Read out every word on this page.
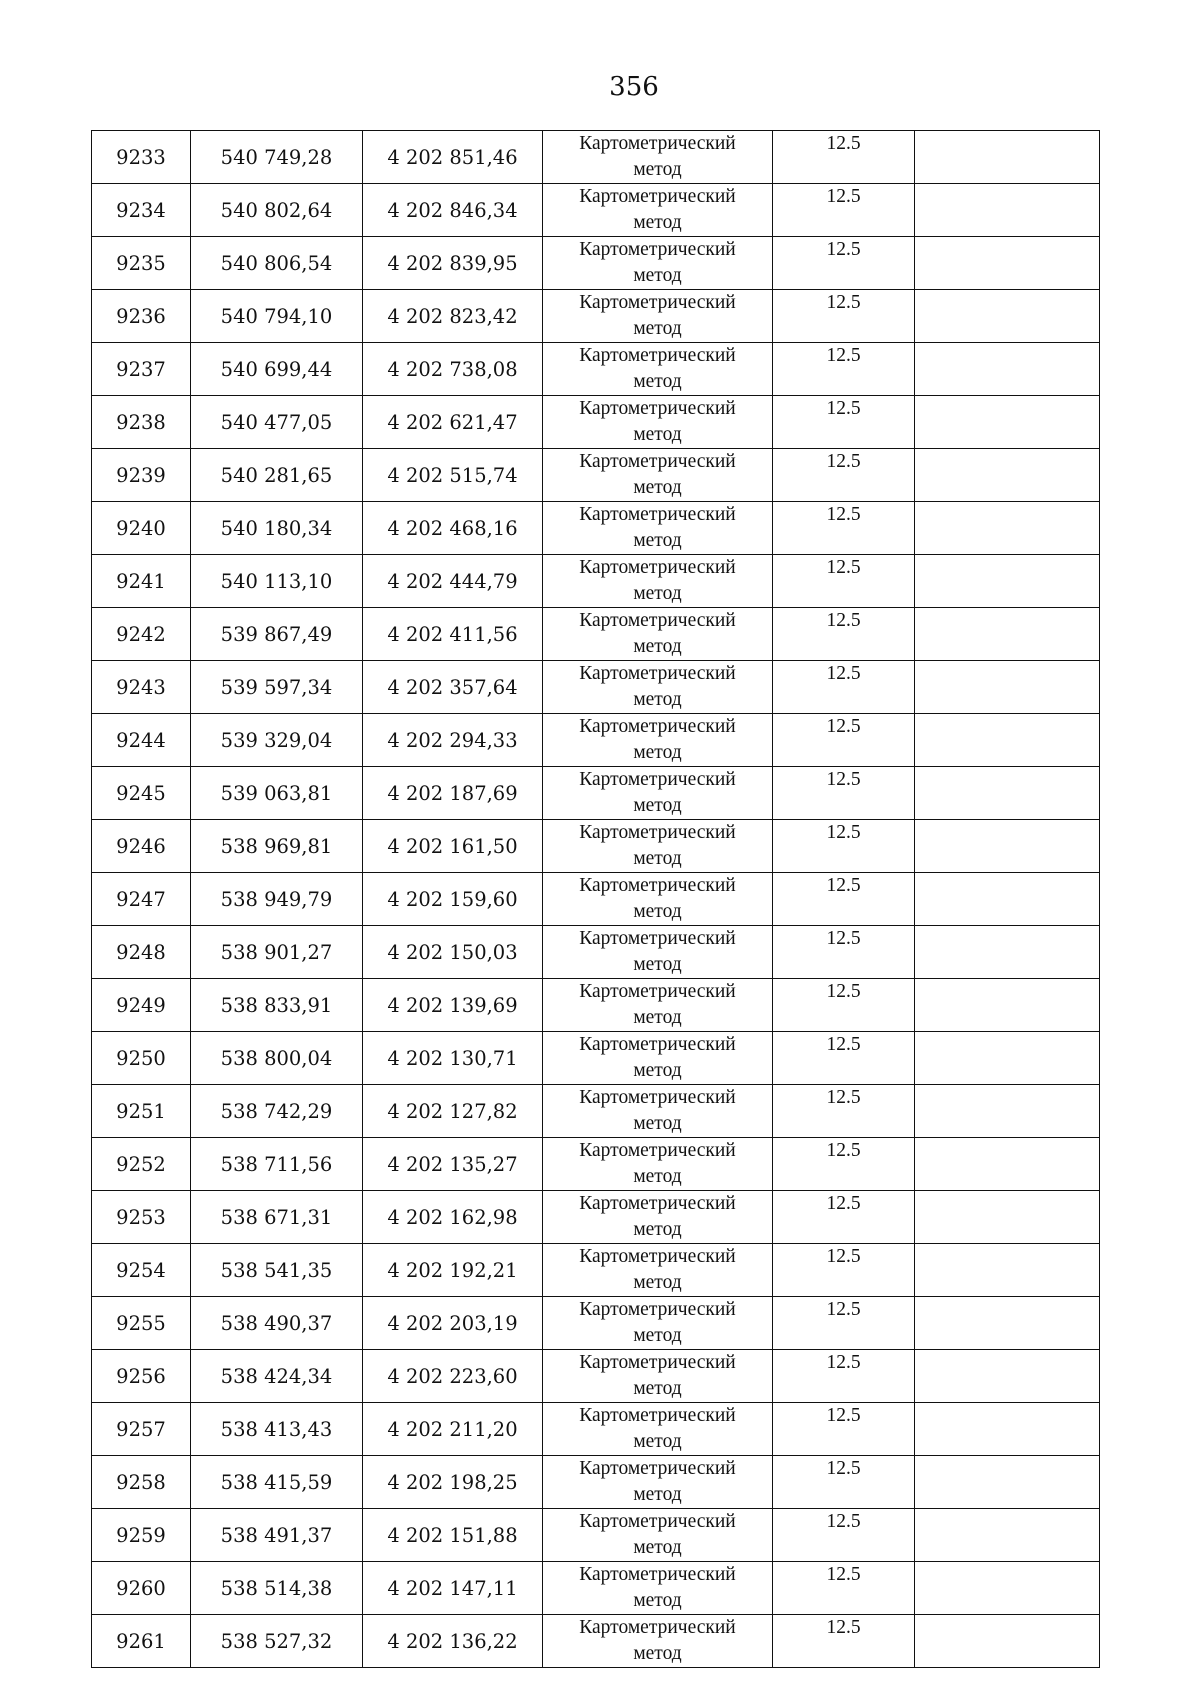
356
9233	540 749,28	4 202 851,46	Картометрический
метод	12.5	
9234	540 802,64	4 202 846,34	Картометрический
метод	12.5	
9235	540 806,54	4 202 839,95	Картометрический
метод	12.5	
9236	540 794,10	4 202 823,42	Картометрический
метод	12.5	
9237	540 699,44	4 202 738,08	Картометрический
метод	12.5	
9238	540 477,05	4 202 621,47	Картометрический
метод	12.5	
9239	540 281,65	4 202 515,74	Картометрический
метод	12.5	
9240	540 180,34	4 202 468,16	Картометрический
метод	12.5	
9241	540 113,10	4 202 444,79	Картометрический
метод	12.5	
9242	539 867,49	4 202 411,56	Картометрический
метод	12.5	
9243	539 597,34	4 202 357,64	Картометрический
метод	12.5	
9244	539 329,04	4 202 294,33	Картометрический
метод	12.5	
9245	539 063,81	4 202 187,69	Картометрический
метод	12.5	
9246	538 969,81	4 202 161,50	Картометрический
метод	12.5	
9247	538 949,79	4 202 159,60	Картометрический
метод	12.5	
9248	538 901,27	4 202 150,03	Картометрический
метод	12.5	
9249	538 833,91	4 202 139,69	Картометрический
метод	12.5	
9250	538 800,04	4 202 130,71	Картометрический
метод	12.5	
9251	538 742,29	4 202 127,82	Картометрический
метод	12.5	
9252	538 711,56	4 202 135,27	Картометрический
метод	12.5	
9253	538 671,31	4 202 162,98	Картометрический
метод	12.5	
9254	538 541,35	4 202 192,21	Картометрический
метод	12.5	
9255	538 490,37	4 202 203,19	Картометрический
метод	12.5	
9256	538 424,34	4 202 223,60	Картометрический
метод	12.5	
9257	538 413,43	4 202 211,20	Картометрический
метод	12.5	
9258	538 415,59	4 202 198,25	Картометрический
метод	12.5	
9259	538 491,37	4 202 151,88	Картометрический
метод	12.5	
9260	538 514,38	4 202 147,11	Картометрический
метод	12.5	
9261	538 527,32	4 202 136,22	Картометрический
метод	12.5	
